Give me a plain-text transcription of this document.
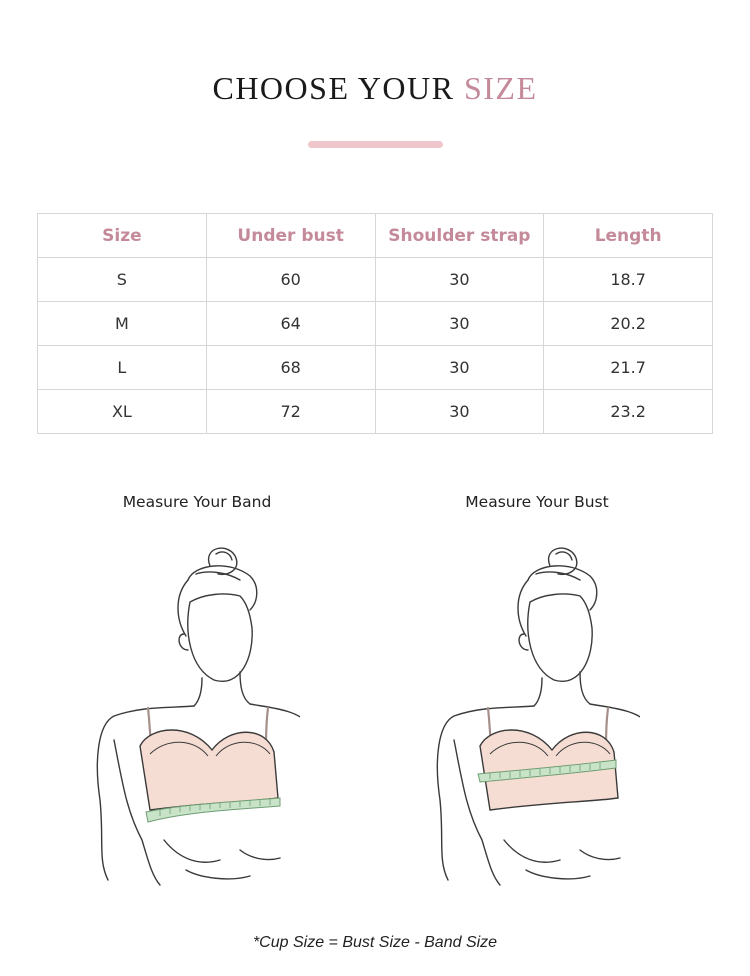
CHOOSE YOUR SIZE
Size	Under bust	Shoulder strap	Length
S	60	30	18.7
M	64	30	20.2
L	68	30	21.7
XL	72	30	23.2
Measure Your Band	Measure Your Bust
*Cup Size = Bust Size - Band Size
